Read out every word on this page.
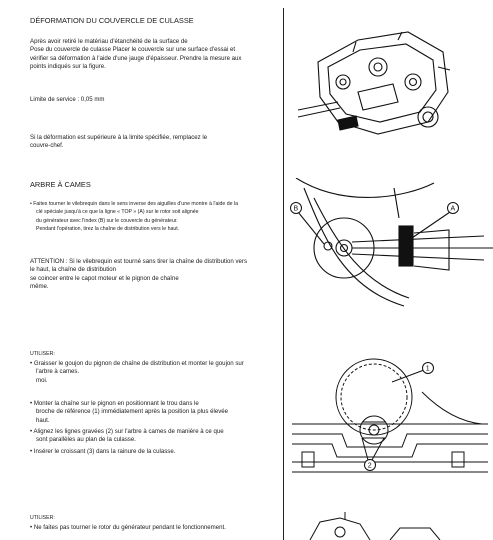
DÉFORMATION DU COUVERCLE DE CULASSE

Après avoir retiré le matériau d'étanchéité de la surface de
Pose du couvercle de culasse Placer le couvercle sur une surface d'essai et
vérifier sa déformation à l'aide d'une jauge d'épaisseur. Prendre la mesure aux
points indiqués sur la figure.

Limite de service : 0,05 mm

Si la déformation est supérieure à la limite spécifiée, remplacez le
couvre-chef.

ARBRE À CAMES

• Faites tourner le vilebrequin dans le sens inverse des aiguilles d'une montre à l'aide de la
clé spéciale jusqu'à ce que la ligne « TOP » (A) sur le rotor soit alignée
du générateur avec l'index (B) sur le couvercle du générateur.
Pendant l'opération, tirez la chaîne de distribution vers le haut.

ATTENTION : Si le vilebrequin est tourné sans tirer la chaîne de distribution vers
le haut, la chaîne de distribution
se coincer entre le capot moteur et le pignon de chaîne
même.

B	A
UTILISER:

• Graisser le goujon du pignon de chaîne de distribution et monter le goujon sur
l'arbre à cames.
moi.

• Monter la chaîne sur le pignon en positionnant le trou dans le
broche de référence (1) immédiatement après la position la plus élevée
haut.

• Alignez les lignes gravées (2) sur l'arbre à cames de manière à ce que
sont parallèles au plan de la culasse.

• Insérer le croissant (3) dans la rainure de la culasse.

1
2
UTILISER:

• Ne faites pas tourner le rotor du générateur pendant le fonctionnement.
